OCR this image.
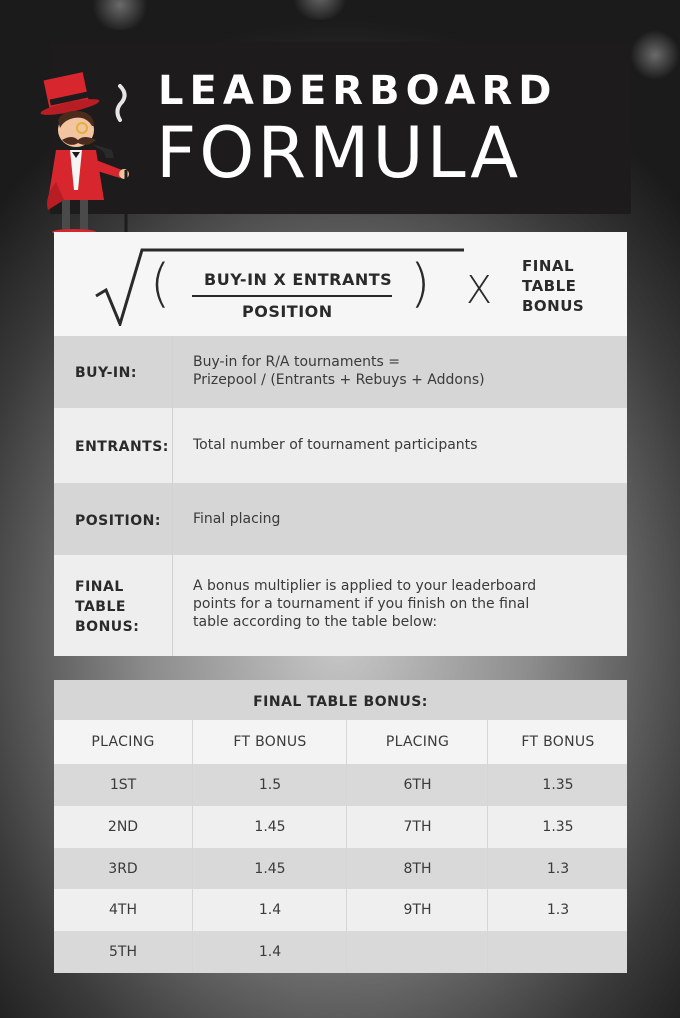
LEADERBOARD
FORMULA
( BUY-IN X ENTRANTS
POSITION ) X
FINAL
TABLE
BONUS
BUY-IN:
Buy-in for R/A tournaments =
Prizepool / (Entrants + Rebuys + Addons)
ENTRANTS: Total number of tournament participants
POSITION: Final placing
FINAL
TABLE
BONUS:
A bonus multiplier is applied to your leaderboard
points for a tournament if you finish on the final
table according to the table below:
FINAL TABLE BONUS:
PLACING	FT BONUS	PLACING	FT BONUS
1ST	1.5	6TH	1.35
2ND	1.45	7TH	1.35
3RD	1.45	8TH	1.3
4TH	1.4	9TH	1.3
5TH	1.4
